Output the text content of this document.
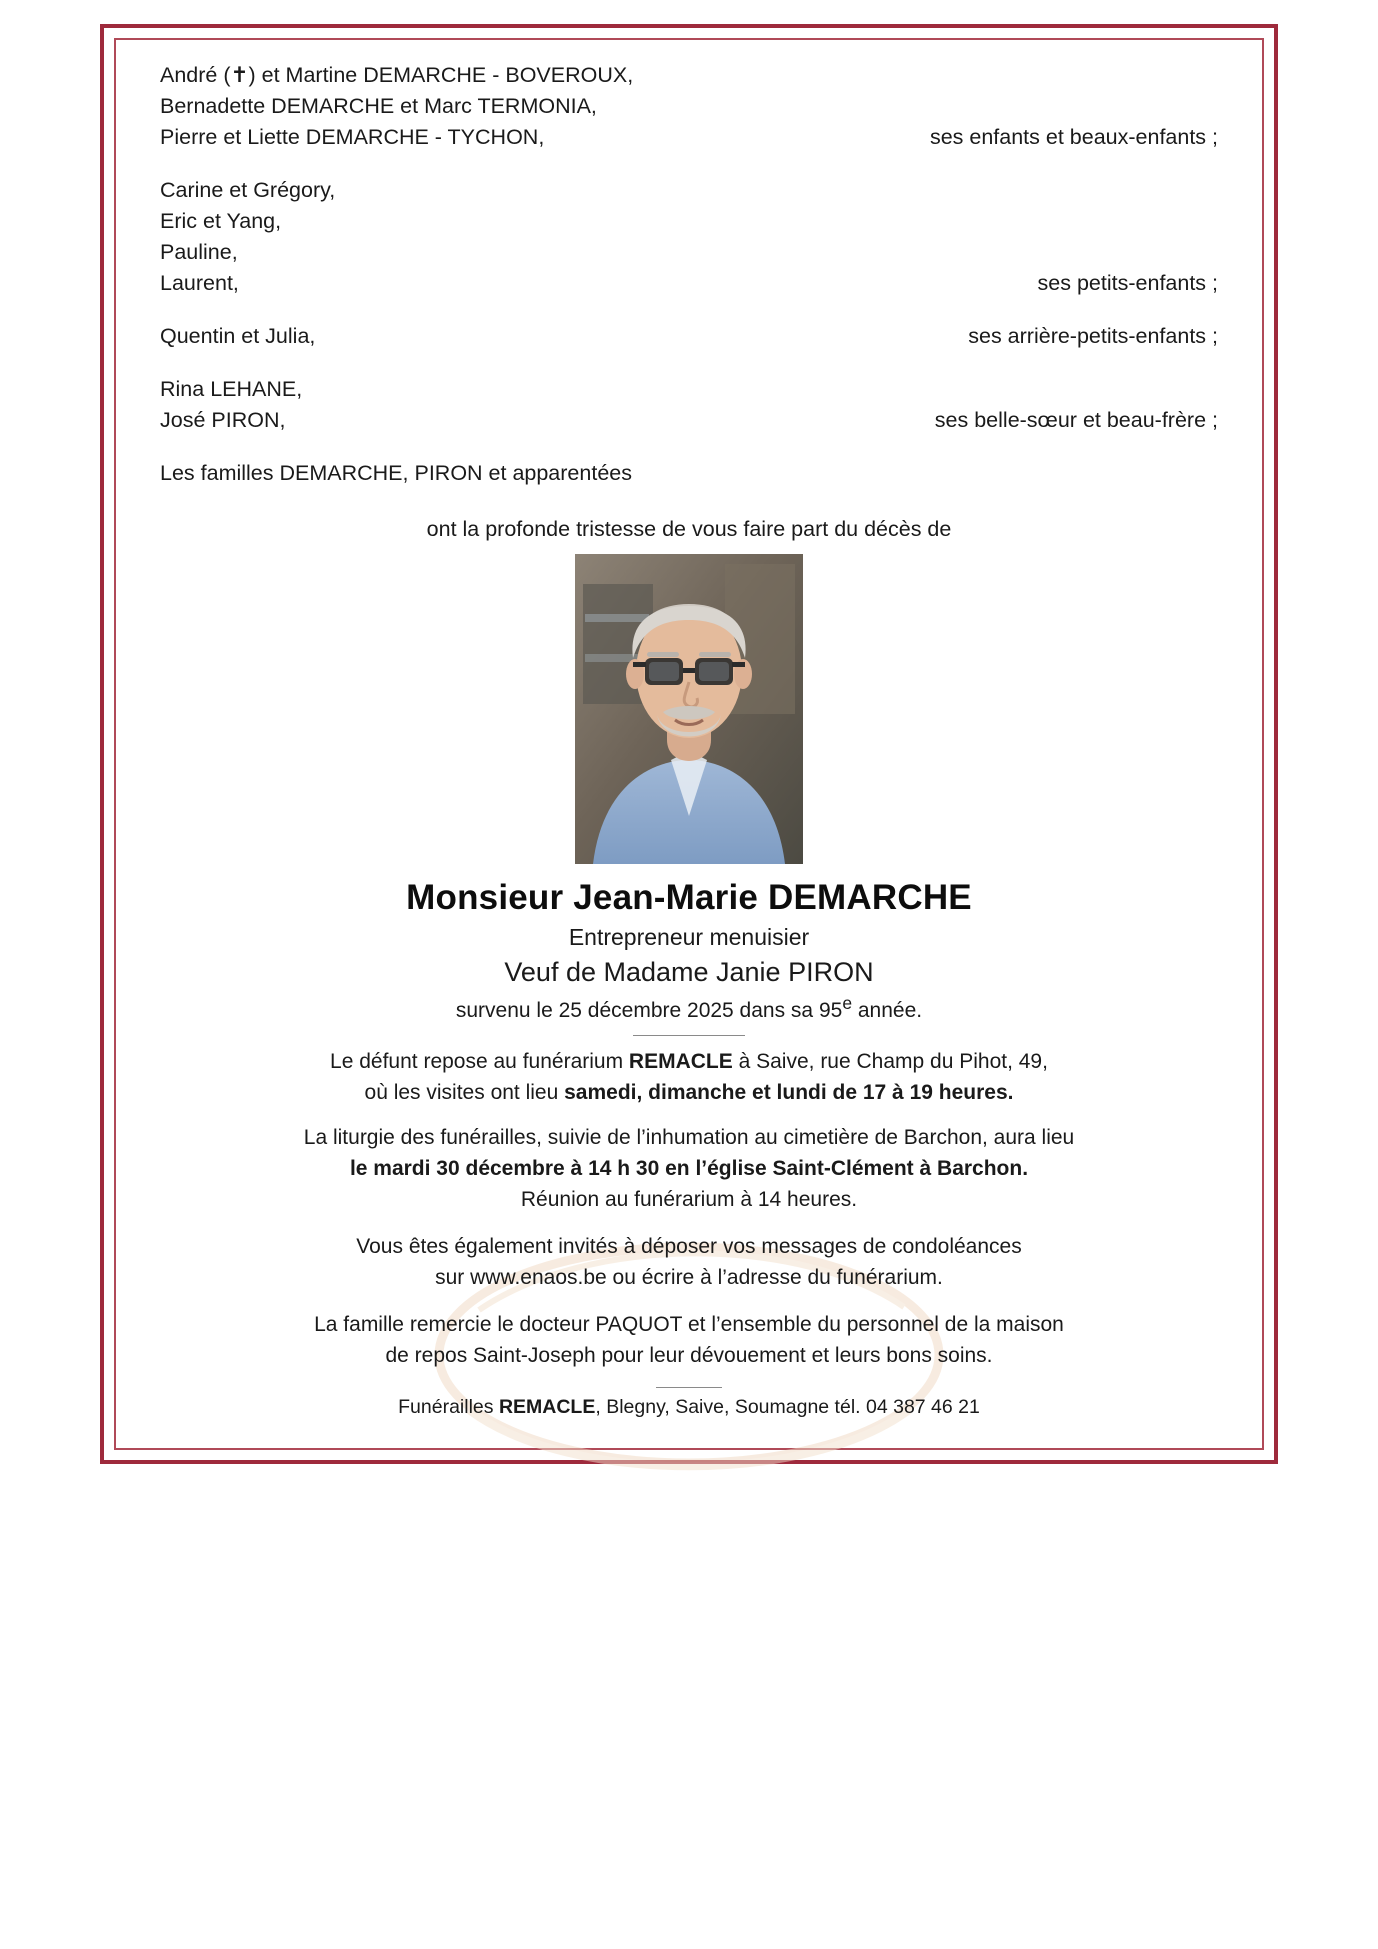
André (✝) et Martine DEMARCHE - BOVEROUX,
Bernadette DEMARCHE et Marc TERMONIA,
Pierre et Liette DEMARCHE - TYCHON,	ses enfants et beaux-enfants ;
Carine et Grégory,
Eric et Yang,
Pauline,
Laurent,	ses petits-enfants ;
Quentin et Julia,	ses arrière-petits-enfants ;
Rina LEHANE,
José PIRON,	ses belle-sœur et beau-frère ;
Les familles DEMARCHE, PIRON et apparentées
ont la profonde tristesse de vous faire part du décès de
Monsieur Jean-Marie DEMARCHE
Entrepreneur menuisier
Veuf de Madame Janie PIRON
survenu le 25 décembre 2025 dans sa 95e année.
Le défunt repose au funérarium REMACLE à Saive, rue Champ du Pihot, 49,
où les visites ont lieu samedi, dimanche et lundi de 17 à 19 heures.
La liturgie des funérailles, suivie de l’inhumation au cimetière de Barchon, aura lieu
le mardi 30 décembre à 14 h 30 en l’église Saint-Clément à Barchon.
Réunion au funérarium à 14 heures.
Vous êtes également invités à déposer vos messages de condoléances
sur www.enaos.be ou écrire à l’adresse du funérarium.
La famille remercie le docteur PAQUOT et l’ensemble du personnel de la maison
de repos Saint-Joseph pour leur dévouement et leurs bons soins.
Funérailles REMACLE, Blegny, Saive, Soumagne tél. 04 387 46 21
